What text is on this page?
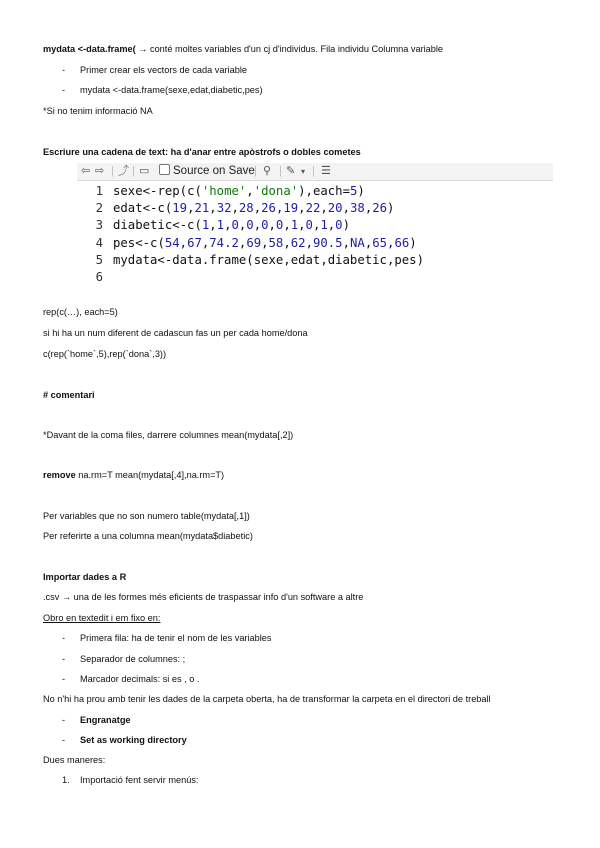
mydata <-data.frame( → conté moltes variables d'un cj d'individus. Fila individu Columna variable
- Primer crear els vectors de cada variable
- mydata <-data.frame(sexe,edat,diabetic,pes)
*Si no tenim informació NA
Escriure una cadena de text: ha d'anar entre apòstrofs o dobles cometes
⇦ ⇨ | ⤴ | ▭	Source on Save | ⚲ | ✎ ▾ | ☰
1 sexe<-rep(c('home','dona'),each=5)
2 edat<-c(19,21,32,28,26,19,22,20,38,26)
3 diabetic<-c(1,1,0,0,0,0,1,0,1,0)
4 pes<-c(54,67,74.2,69,58,62,90.5,NA,65,66)
5 mydata<-data.frame(sexe,edat,diabetic,pes)
6
rep(c(…), each=5)
si hi ha un num diferent de cadascun fas un per cada home/dona
c(rep(`home`,5),rep(`dona`,3))
# comentari
*Davant de la coma files, darrere columnes mean(mydata[,2])
remove na.rm=T mean(mydata[,4],na.rm=T)
Per variables que no son numero table(mydata[,1])
Per referirte a una columna mean(mydata$diabetic)
Importar dades a R
.csv → una de les formes més eficients de traspassar info d'un software a altre
Obro en textedit i em fixo en:
- Primera fila: ha de tenir el nom de les variables
- Separador de columnes: ;
- Marcador decimals: si es , o .
No n'hi ha prou amb tenir les dades de la carpeta oberta, ha de transformar la carpeta en el directori de treball
- Engranatge
- Set as working directory
Dues maneres:
1. Importació fent servir menús:
